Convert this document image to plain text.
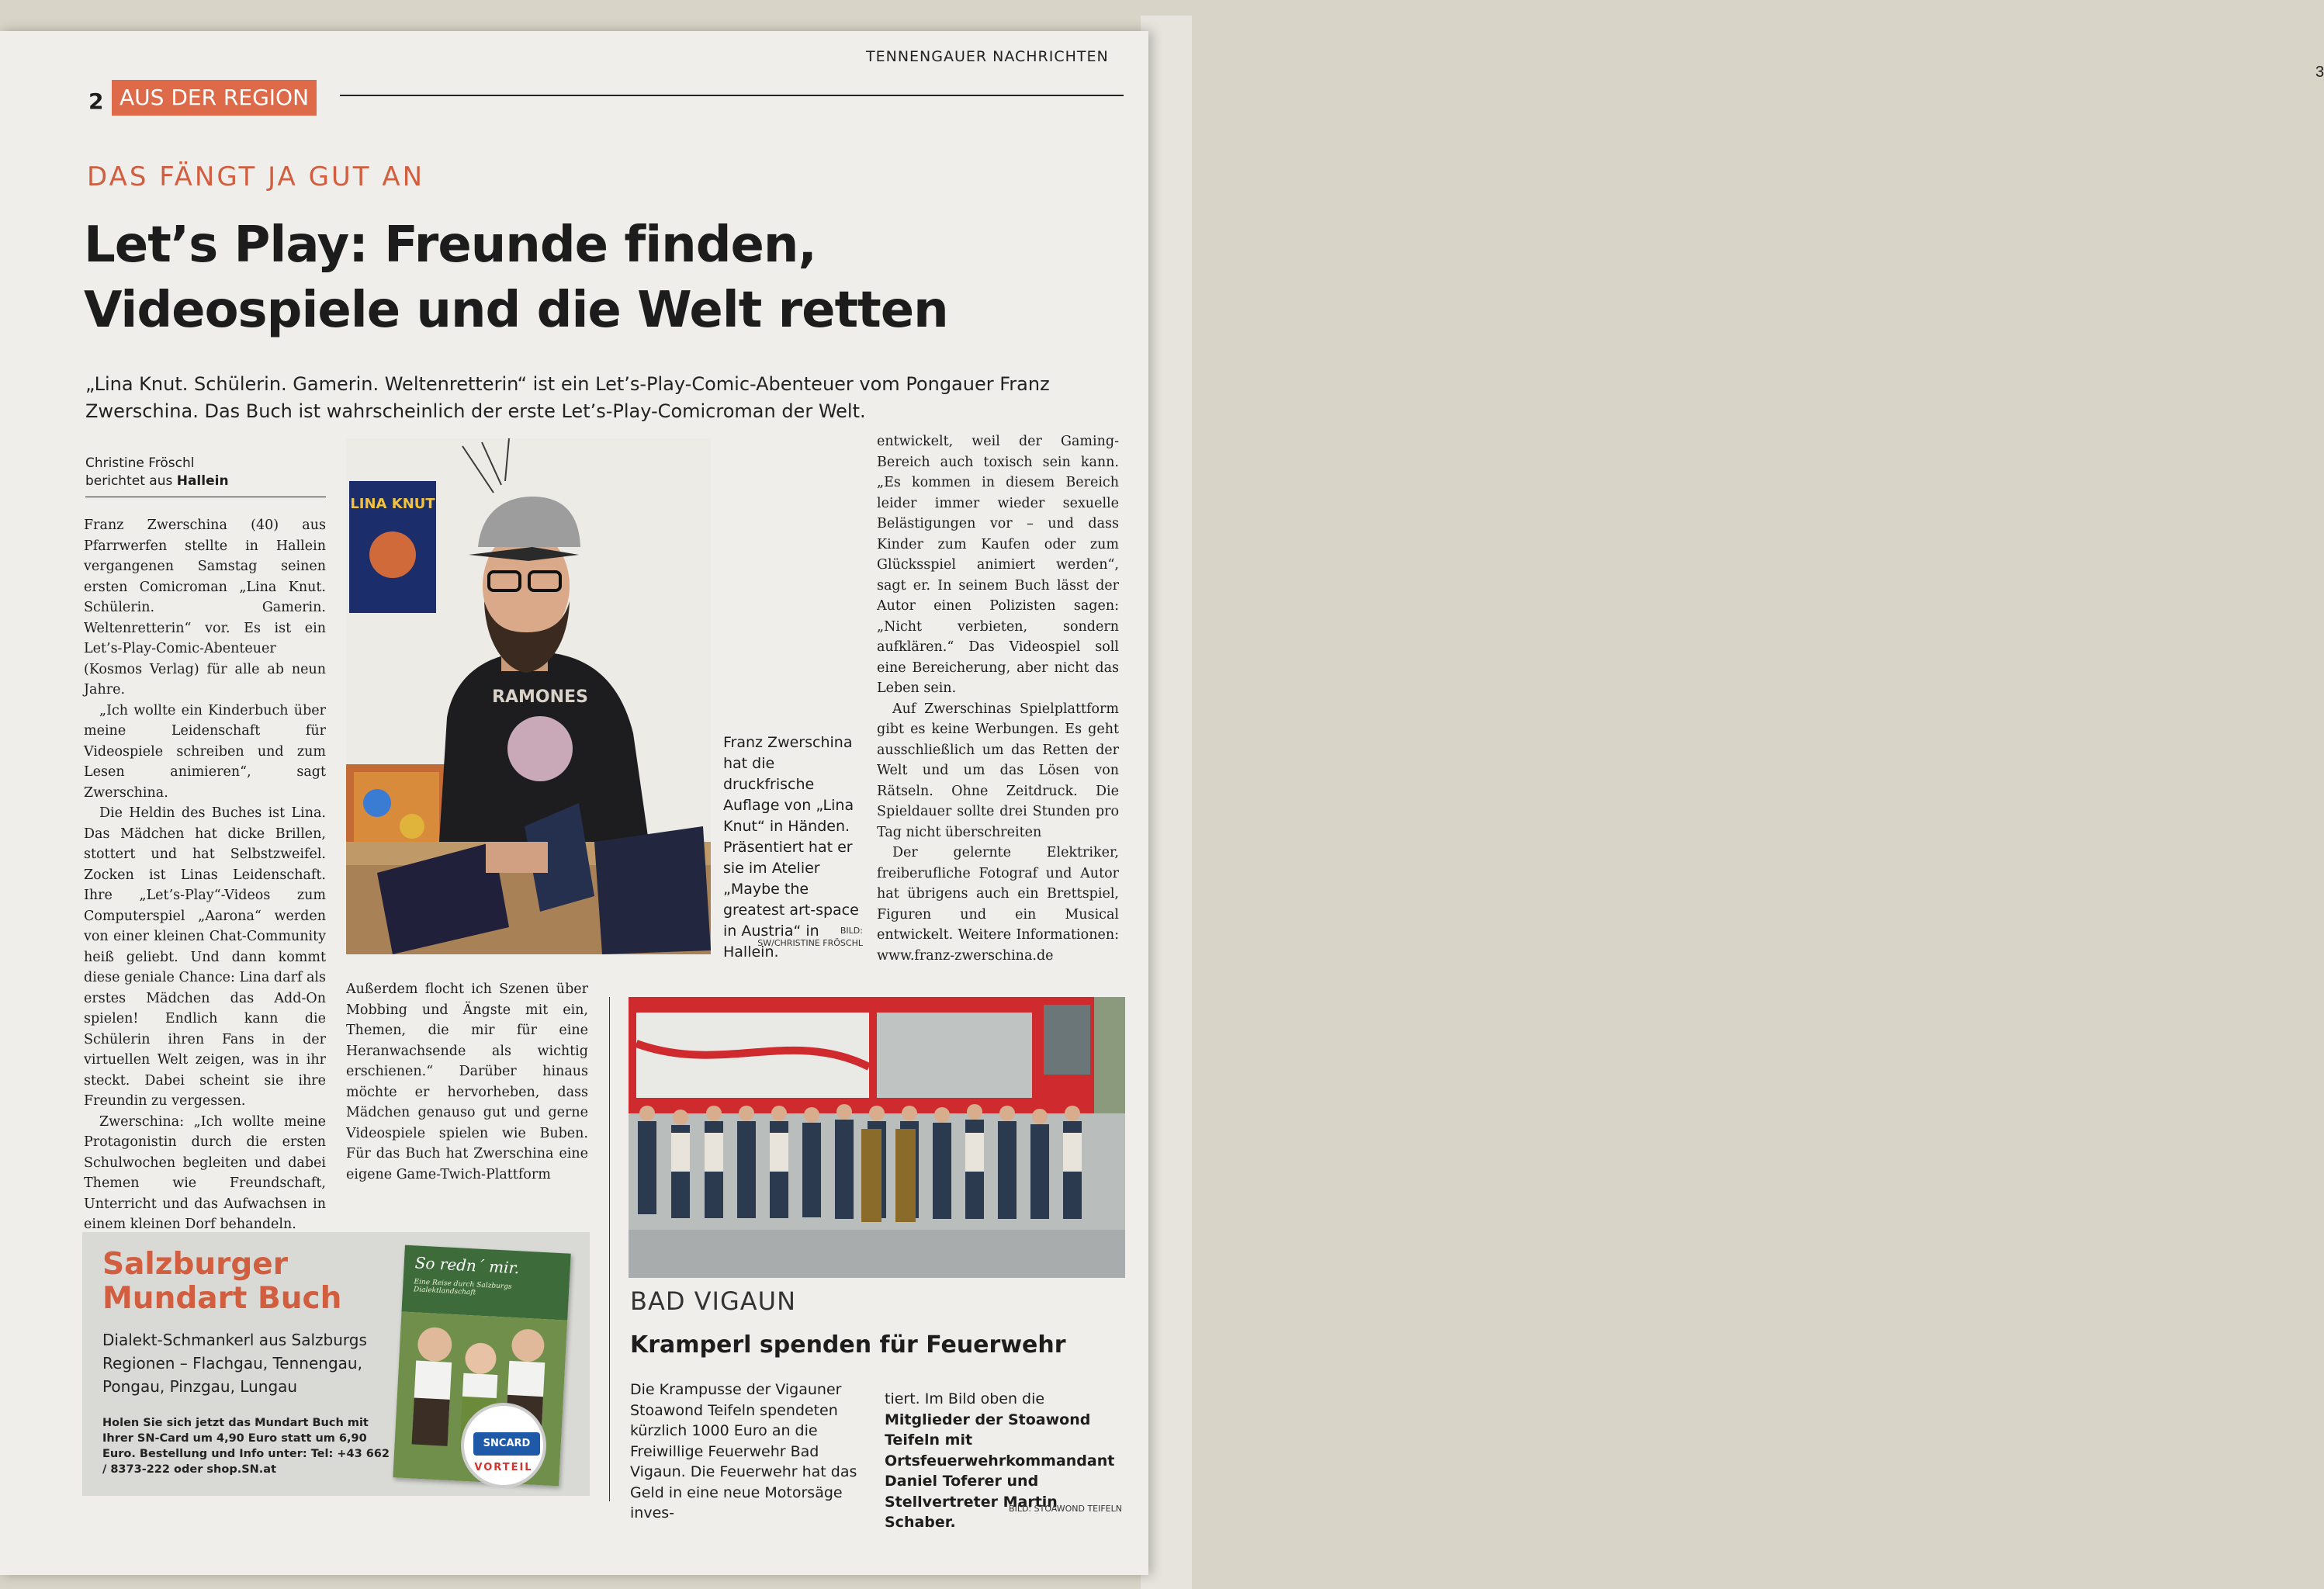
3
TENNENGAUER NACHRICHTEN
2 AUS DER REGION
DAS FÄNGT JA GUT AN
Let’s Play: Freunde finden,
Videospiele und die Welt retten
„Lina Knut. Schülerin. Gamerin. Weltenretterin“ ist ein Let’s-Play-Comic-Abenteuer vom Pongauer Franz Zwerschina. Das Buch ist wahrscheinlich der erste Let’s-Play-Comicroman der Welt.
Christine Fröschl
berichtet aus Hallein

Franz Zwerschina (40) aus Pfarrwerfen stellte in Hallein vergangenen Samstag seinen ersten Comicroman „Lina Knut. Schülerin. Gamerin. Weltenretterin“ vor. Es ist ein Let’s-Play-Comic-Abenteuer (Kosmos Verlag) für alle ab neun Jahre.

„Ich wollte ein Kinderbuch über meine Leidenschaft für Videospiele schreiben und zum Lesen animieren“, sagt Zwerschina.

Die Heldin des Buches ist Lina. Das Mädchen hat dicke Brillen, stottert und hat Selbstzweifel. Zocken ist Linas Leidenschaft. Ihre „Let’s-Play“-Videos zum Computerspiel „Aarona“ werden von einer kleinen Chat-Community heiß geliebt. Und dann kommt diese geniale Chance: Lina darf als erstes Mädchen das Add-On spielen! Endlich kann die Schülerin ihren Fans in der virtuellen Welt zeigen, was in ihr steckt. Dabei scheint sie ihre Freundin zu vergessen.

Zwerschina: „Ich wollte meine Protagonistin durch die ersten Schulwochen begleiten und dabei Themen wie Freundschaft, Unterricht und das Aufwachsen in einem kleinen Dorf behandeln.

LINA KNUT
RAMONES
Franz Zwerschina hat die druckfrische Auflage von „Lina Knut“ in Händen. Präsentiert hat er sie im Atelier „Maybe the greatest art-space in Austria“ in Hallein.
BILD:
SW/CHRISTINE FRÖSCHL

entwickelt, weil der Gaming-Bereich auch toxisch sein kann. „Es kommen in diesem Bereich leider immer wieder sexuelle Belästigungen vor – und dass Kinder zum Kaufen oder zum Glücksspiel animiert werden“, sagt er. In seinem Buch lässt der Autor einen Polizisten sagen: „Nicht verbieten, sondern aufklären.“ Das Videospiel soll eine Bereicherung, aber nicht das Leben sein.

Auf Zwerschinas Spielplattform gibt es keine Werbungen. Es geht ausschließlich um das Retten der Welt und um das Lösen von Rätseln. Ohne Zeitdruck. Die Spieldauer sollte drei Stunden pro Tag nicht überschreiten

Der gelernte Elektriker, freiberufliche Fotograf und Autor hat übrigens auch ein Brettspiel, Figuren und ein Musical entwickelt. Weitere Informationen: www.franz-zwerschina.de

Außerdem flocht ich Szenen über Mobbing und Ängste mit ein, Themen, die mir für eine Heranwachsende als wichtig erschienen.“ Darüber hinaus möchte er hervorheben, dass Mädchen genauso gut und gerne Videospiele spielen wie Buben. Für das Buch hat Zwerschina eine eigene Game-Twich-Plattform

BAD VIGAUN
Kramperl spenden für Feuerwehr
Die Krampusse der Vigauner Stoawond Teifeln spendeten kürzlich 1000 Euro an die Freiwillige Feuerwehr Bad Vigaun. Die Feuerwehr hat das Geld in eine neue Motorsäge inves-
tiert. Im Bild oben die Mitglieder der Stoawond Teifeln mit Ortsfeuerwehrkommandant Daniel Toferer und Stellvertreter Martin Schaber.
BILD: STOAWOND TEIFELN
Salzburger
Mundart Buch
Dialekt-Schmankerl aus Salzburgs Regionen – Flachgau, Tennengau, Pongau, Pinzgau, Lungau
Holen Sie sich jetzt das Mundart Buch mit Ihrer SN-Card um 4,90 Euro statt um 6,90 Euro. Bestellung und Info unter: Tel: +43 662 / 8373-222 oder shop.SN.at
So redn´ mir.
Eine Reise durch Salzburgs Dialektlandschaft
SNCARD
VORTEIL
